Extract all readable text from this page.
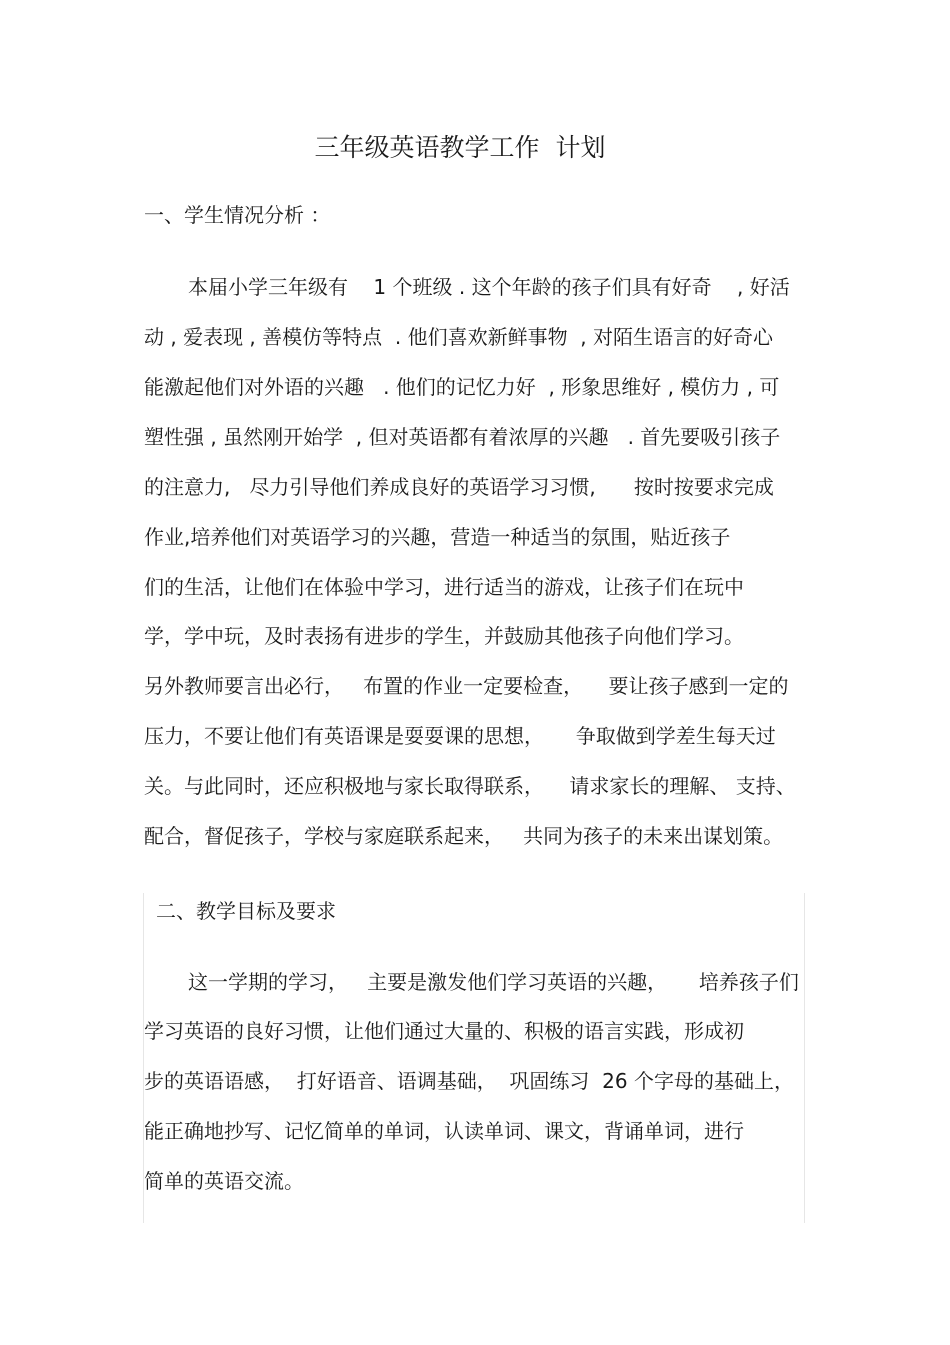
三年级英语教学工作  计划
一、学生情况分析 ：
本届小学三年级有    1 个班级 . 这个年龄的孩子们具有好奇    , 好活
动 , 爱表现 , 善模仿等特点  . 他们喜欢新鲜事物  , 对陌生语言的好奇心
能激起他们对外语的兴趣   . 他们的记忆力好  , 形象思维好 , 模仿力 , 可
塑性强 , 虽然刚开始学  , 但对英语都有着浓厚的兴趣   . 首先要吸引孩子
的注意力,   尽力引导他们养成良好的英语学习习惯,      按时按要求完成
作业,培养他们对英语学习的兴趣，营造一种适当的氛围，贴近孩子
们的生活，让他们在体验中学习，进行适当的游戏，让孩子们在玩中
学，学中玩，及时表扬有进步的学生，并鼓励其他孩子向他们学习。
另外教师要言出必行，   布置的作业一定要检查，    要让孩子感到一定的
压力，不要让他们有英语课是耍耍课的思想，     争取做到学差生每天过
关。与此同时，还应积极地与家长取得联系，    请求家长的理解、 支持、
配合，督促孩子，学校与家庭联系起来，   共同为孩子的未来出谋划策。
二、教学目标及要求
这一学期的学习，   主要是激发他们学习英语的兴趣，     培养孩子们
学习英语的良好习惯，让他们通过大量的、积极的语言实践，形成初
步的英语语感，  打好语音、语调基础，  巩固练习  26 个字母的基础上，
能正确地抄写、记忆简单的单词，认读单词、课文，背诵单词，进行
简单的英语交流。
